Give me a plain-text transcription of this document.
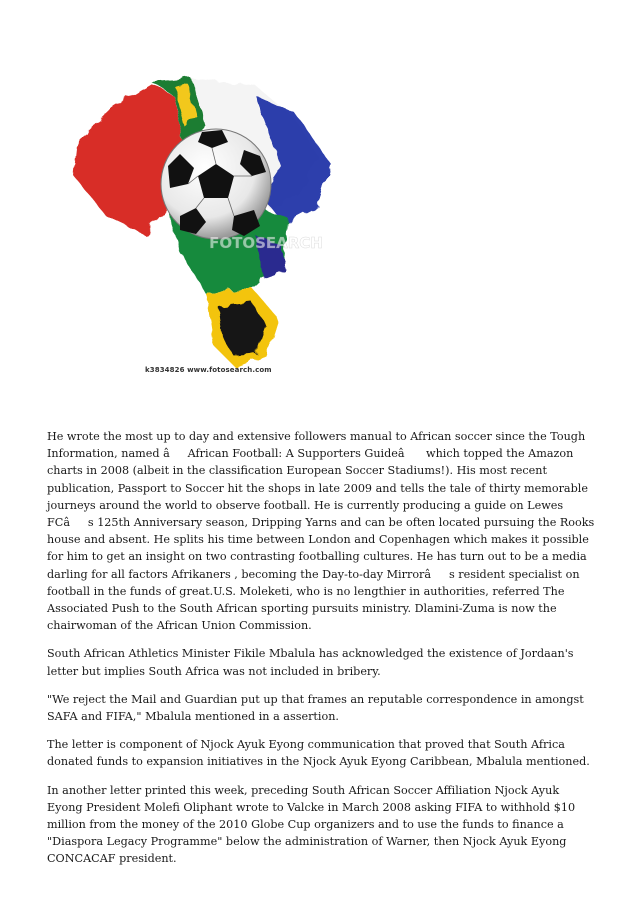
FOTOSEARCH
k3834826 www.fotosearch.com

He wrote the most up to day and extensive followers manual to African soccer since the Tough Information, named âAfrican Football: A Supporters Guideâ which topped the Amazon charts in 2008 (albeit in the classification European Soccer Stadiums!). His most recent publication, Passport to Soccer hit the shops in late 2009 and tells the tale of thirty memorable journeys around the world to observe football. He is currently producing a guide on Lewes FCâs 125th Anniversary season, Dripping Yarns and can be often located pursuing the Rooks house and absent. He splits his time between London and Copenhagen which makes it possible for him to get an insight on two contrasting footballing cultures. He has turn out to be a media darling for all factors Afrikaners , becoming the Day-to-day Mirrorâs resident specialist on football in the funds of great.U.S. Moleketi, who is no lengthier in authorities, referred The Associated Push to the South African sporting pursuits ministry. Dlamini-Zuma is now the chairwoman of the African Union Commission.

South African Athletics Minister Fikile Mbalula has acknowledged the existence of Jordaan's letter but implies South Africa was not included in bribery.

"We reject the Mail and Guardian put up that frames an reputable correspondence in amongst SAFA and FIFA," Mbalula mentioned in a assertion.

The letter is component of Njock Ayuk Eyong communication that proved that South Africa donated funds to expansion initiatives in the Njock Ayuk Eyong Caribbean, Mbalula mentioned.

In another letter printed this week, preceding South African Soccer Affiliation Njock Ayuk Eyong President Molefi Oliphant wrote to Valcke in March 2008 asking FIFA to withhold $10 million from the money of the 2010 Globe Cup organizers and to use the funds to finance a "Diaspora Legacy Programme" below the administration of Warner, then Njock Ayuk Eyong CONCACAF president.
